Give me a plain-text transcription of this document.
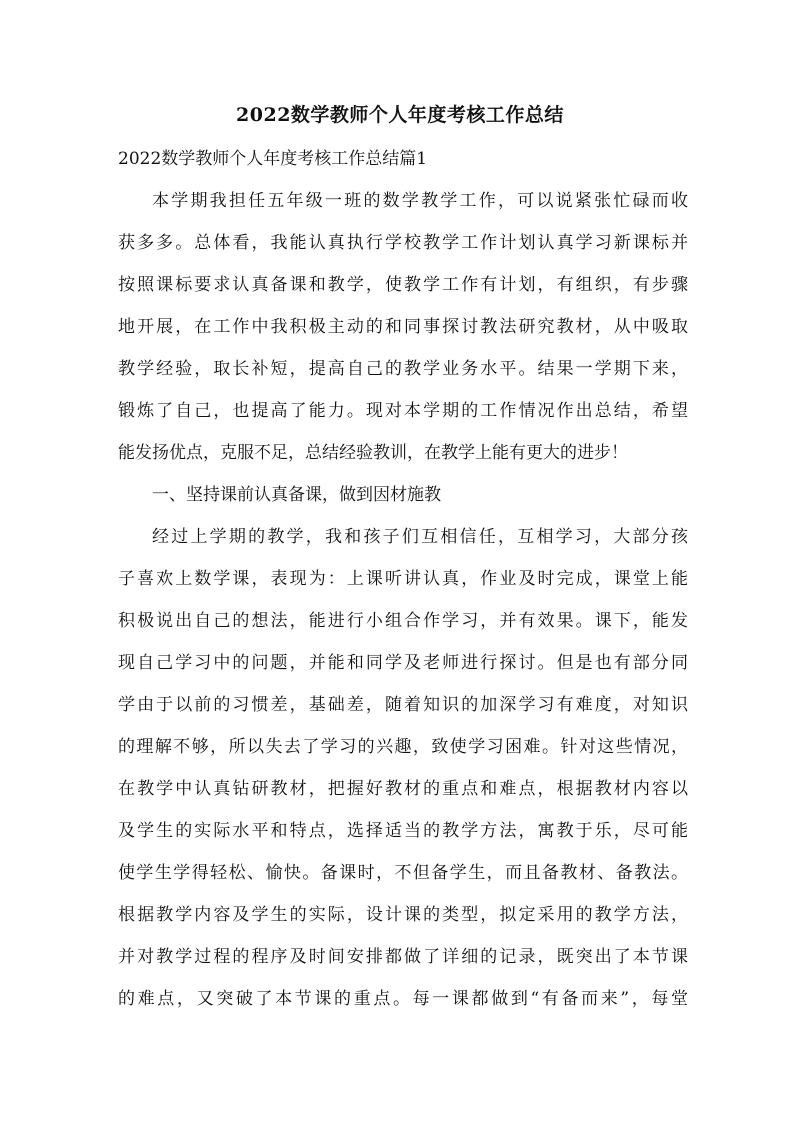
2022数学教师个人年度考核工作总结
2022数学教师个人年度考核工作总结篇1
本学期我担任五年级一班的数学教学工作，可以说紧张忙碌而收
获多多。总体看，我能认真执行学校教学工作计划认真学习新课标并
按照课标要求认真备课和教学，使教学工作有计划，有组织，有步骤
地开展，在工作中我积极主动的和同事探讨教法研究教材，从中吸取
教学经验，取长补短，提高自己的教学业务水平。结果一学期下来，
锻炼了自己，也提高了能力。现对本学期的工作情况作出总结，希望
能发扬优点，克服不足，总结经验教训，在教学上能有更大的进步！
一、坚持课前认真备课，做到因材施教
经过上学期的教学，我和孩子们互相信任，互相学习，大部分孩
子喜欢上数学课，表现为：上课听讲认真，作业及时完成，课堂上能
积极说出自己的想法，能进行小组合作学习，并有效果。课下，能发
现自己学习中的问题，并能和同学及老师进行探讨。但是也有部分同
学由于以前的习惯差，基础差，随着知识的加深学习有难度，对知识
的理解不够，所以失去了学习的兴趣，致使学习困难。针对这些情况，
在教学中认真钻研教材，把握好教材的重点和难点，根据教材内容以
及学生的实际水平和特点，选择适当的教学方法，寓教于乐，尽可能
使学生学得轻松、愉快。备课时，不但备学生，而且备教材、备教法。
根据教学内容及学生的实际，设计课的类型，拟定采用的教学方法，
并对教学过程的程序及时间安排都做了详细的记录，既突出了本节课
的难点，又突破了本节课的重点。每一课都做到“有备而来”，每堂
